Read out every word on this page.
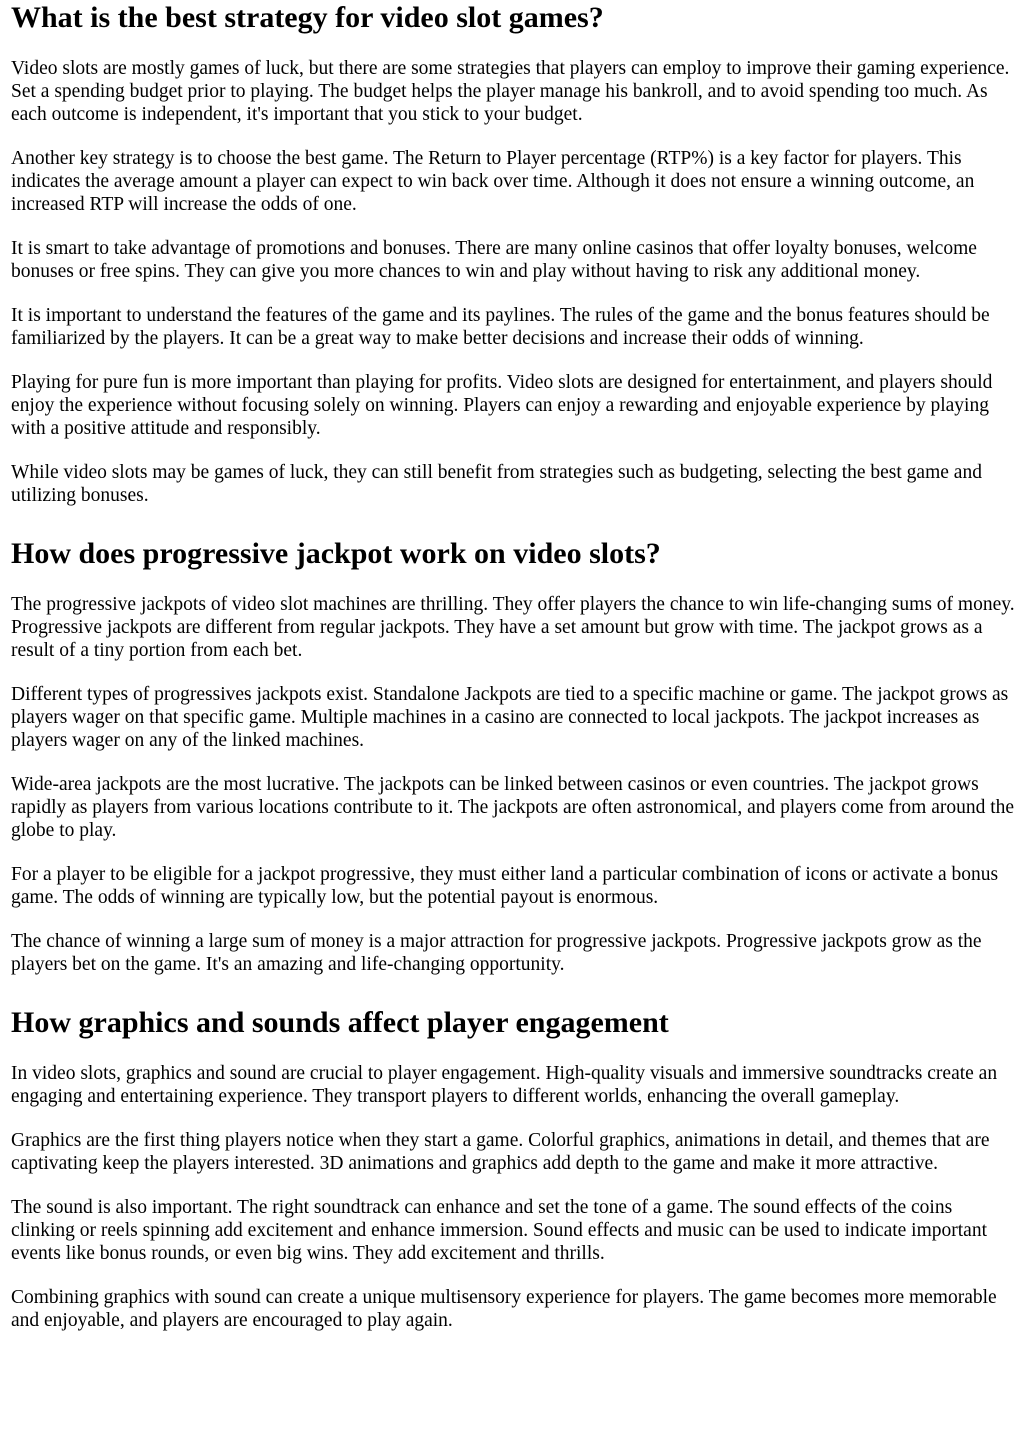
What is the best strategy for video slot games?

Video slots are mostly games of luck, but there are some strategies that players can employ to improve their gaming experience. Set a spending budget prior to playing. The budget helps the player manage his bankroll, and to avoid spending too much. As each outcome is independent, it's important that you stick to your budget.

Another key strategy is to choose the best game. The Return to Player percentage (RTP%) is a key factor for players. This indicates the average amount a player can expect to win back over time. Although it does not ensure a winning outcome, an increased RTP will increase the odds of one.

It is smart to take advantage of promotions and bonuses. There are many online casinos that offer loyalty bonuses, welcome bonuses or free spins. They can give you more chances to win and play without having to risk any additional money.

It is important to understand the features of the game and its paylines. The rules of the game and the bonus features should be familiarized by the players. It can be a great way to make better decisions and increase their odds of winning.

Playing for pure fun is more important than playing for profits. Video slots are designed for entertainment, and players should enjoy the experience without focusing solely on winning. Players can enjoy a rewarding and enjoyable experience by playing with a positive attitude and responsibly.

While video slots may be games of luck, they can still benefit from strategies such as budgeting, selecting the best game and utilizing bonuses.

How does progressive jackpot work on video slots?

The progressive jackpots of video slot machines are thrilling. They offer players the chance to win life-changing sums of money. Progressive jackpots are different from regular jackpots. They have a set amount but grow with time. The jackpot grows as a result of a tiny portion from each bet.

Different types of progressives jackpots exist. Standalone Jackpots are tied to a specific machine or game. The jackpot grows as players wager on that specific game. Multiple machines in a casino are connected to local jackpots. The jackpot increases as players wager on any of the linked machines.

Wide-area jackpots are the most lucrative. The jackpots can be linked between casinos or even countries. The jackpot grows rapidly as players from various locations contribute to it. The jackpots are often astronomical, and players come from around the globe to play.

For a player to be eligible for a jackpot progressive, they must either land a particular combination of icons or activate a bonus game. The odds of winning are typically low, but the potential payout is enormous.

The chance of winning a large sum of money is a major attraction for progressive jackpots. Progressive jackpots grow as the players bet on the game. It's an amazing and life-changing opportunity.

How graphics and sounds affect player engagement

In video slots, graphics and sound are crucial to player engagement. High-quality visuals and immersive soundtracks create an engaging and entertaining experience. They transport players to different worlds, enhancing the overall gameplay.

Graphics are the first thing players notice when they start a game. Colorful graphics, animations in detail, and themes that are captivating keep the players interested. 3D animations and graphics add depth to the game and make it more attractive.

The sound is also important. The right soundtrack can enhance and set the tone of a game. The sound effects of the coins clinking or reels spinning add excitement and enhance immersion. Sound effects and music can be used to indicate important events like bonus rounds, or even big wins. They add excitement and thrills.

Combining graphics with sound can create a unique multisensory experience for players. The game becomes more memorable and enjoyable, and players are encouraged to play again.
